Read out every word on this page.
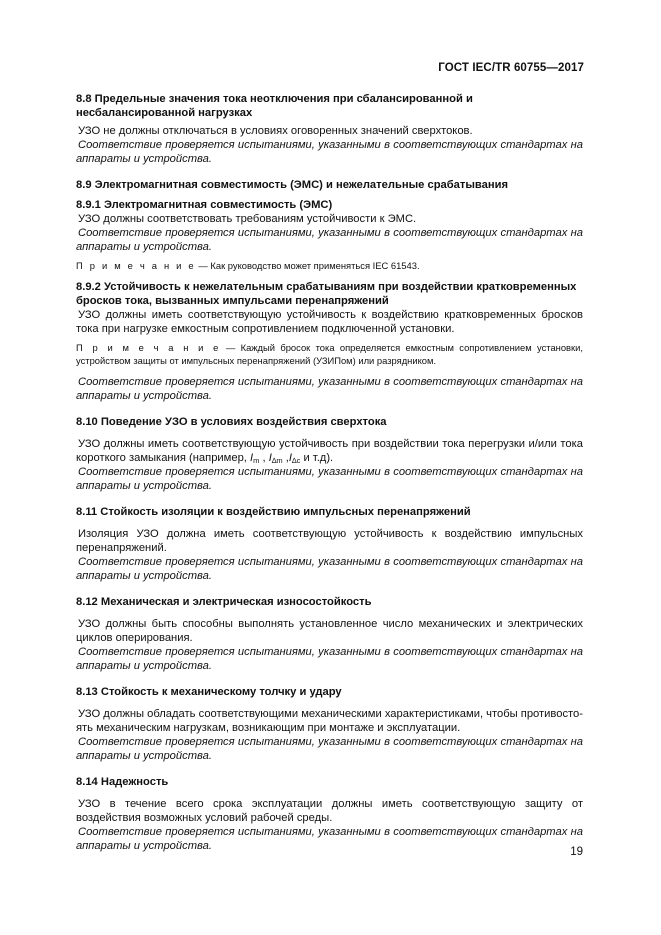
ГОСТ IEC/TR 60755—2017
8.8 Предельные значения тока неотключения при сбалансированной и несбалансированной нагрузках

УЗО не должны отключаться в условиях оговоренных значений сверхтоков.

Соответствие проверяется испытаниями, указанными в соответствующих стандартах на аппараты и устройства.

8.9 Электромагнитная совместимость (ЭМС) и нежелательные срабатывания
8.9.1 Электромагнитная совместимость (ЭМС)

УЗО должны соответствовать требованиям устойчивости к ЭМС.

Соответствие проверяется испытаниями, указанными в соответствующих стандартах на аппараты и устройства.

П р и м е ч а н и е — Как руководство может применяться IEC 61543.

8.9.2 Устойчивость к нежелательным срабатываниям при воздействии кратковременных бросков тока, вызванных импульсами перенапряжений

УЗО должны иметь соответствующую устойчивость к воздействию кратковременных бросков тока при нагрузке емкостным сопротивлением подключенной установки.

П р и м е ч а н и е — Каждый бросок тока определяется емкостным сопротивлением установки, устройством защиты от импульсных перенапряжений (УЗИПом) или разрядником.

Соответствие проверяется испытаниями, указанными в соответствующих стандартах на аппараты и устройства.

8.10 Поведение УЗО в условиях воздействия сверхтока

УЗО должны иметь соответствующую устойчивость при воздействии тока перегрузки и/или тока короткого замыкания (например, $I_m$ , $I_{\Delta m}$ $,I_{\Delta c}$ и т.д).

Соответствие проверяется испытаниями, указанными в соответствующих стандартах на аппараты и устройства.

8.11 Стойкость изоляции к воздействию импульсных перенапряжений

Изоляция УЗО должна иметь соответствующую устойчивость к воздействию импульсных перенапряжений.

Соответствие проверяется испытаниями, указанными в соответствующих стандартах на аппараты и устройства.

8.12 Механическая и электрическая износостойкость

УЗО должны быть способны выполнять установленное число механических и электрических циклов оперирования.

Соответствие проверяется испытаниями, указанными в соответствующих стандартах на аппараты и устройства.

8.13 Стойкость к механическому толчку и удару

УЗО должны обладать соответствующими механическими характеристиками, чтобы противостоять механическим нагрузкам, возникающим при монтаже и эксплуатации.

Соответствие проверяется испытаниями, указанными в соответствующих стандартах на аппараты и устройства.

8.14 Надежность

УЗО в течение всего срока эксплуатации должны иметь соответствующую защиту от воздействия возможных условий рабочей среды.

Соответствие проверяется испытаниями, указанными в соответствующих стандартах на аппараты и устройства.	19
